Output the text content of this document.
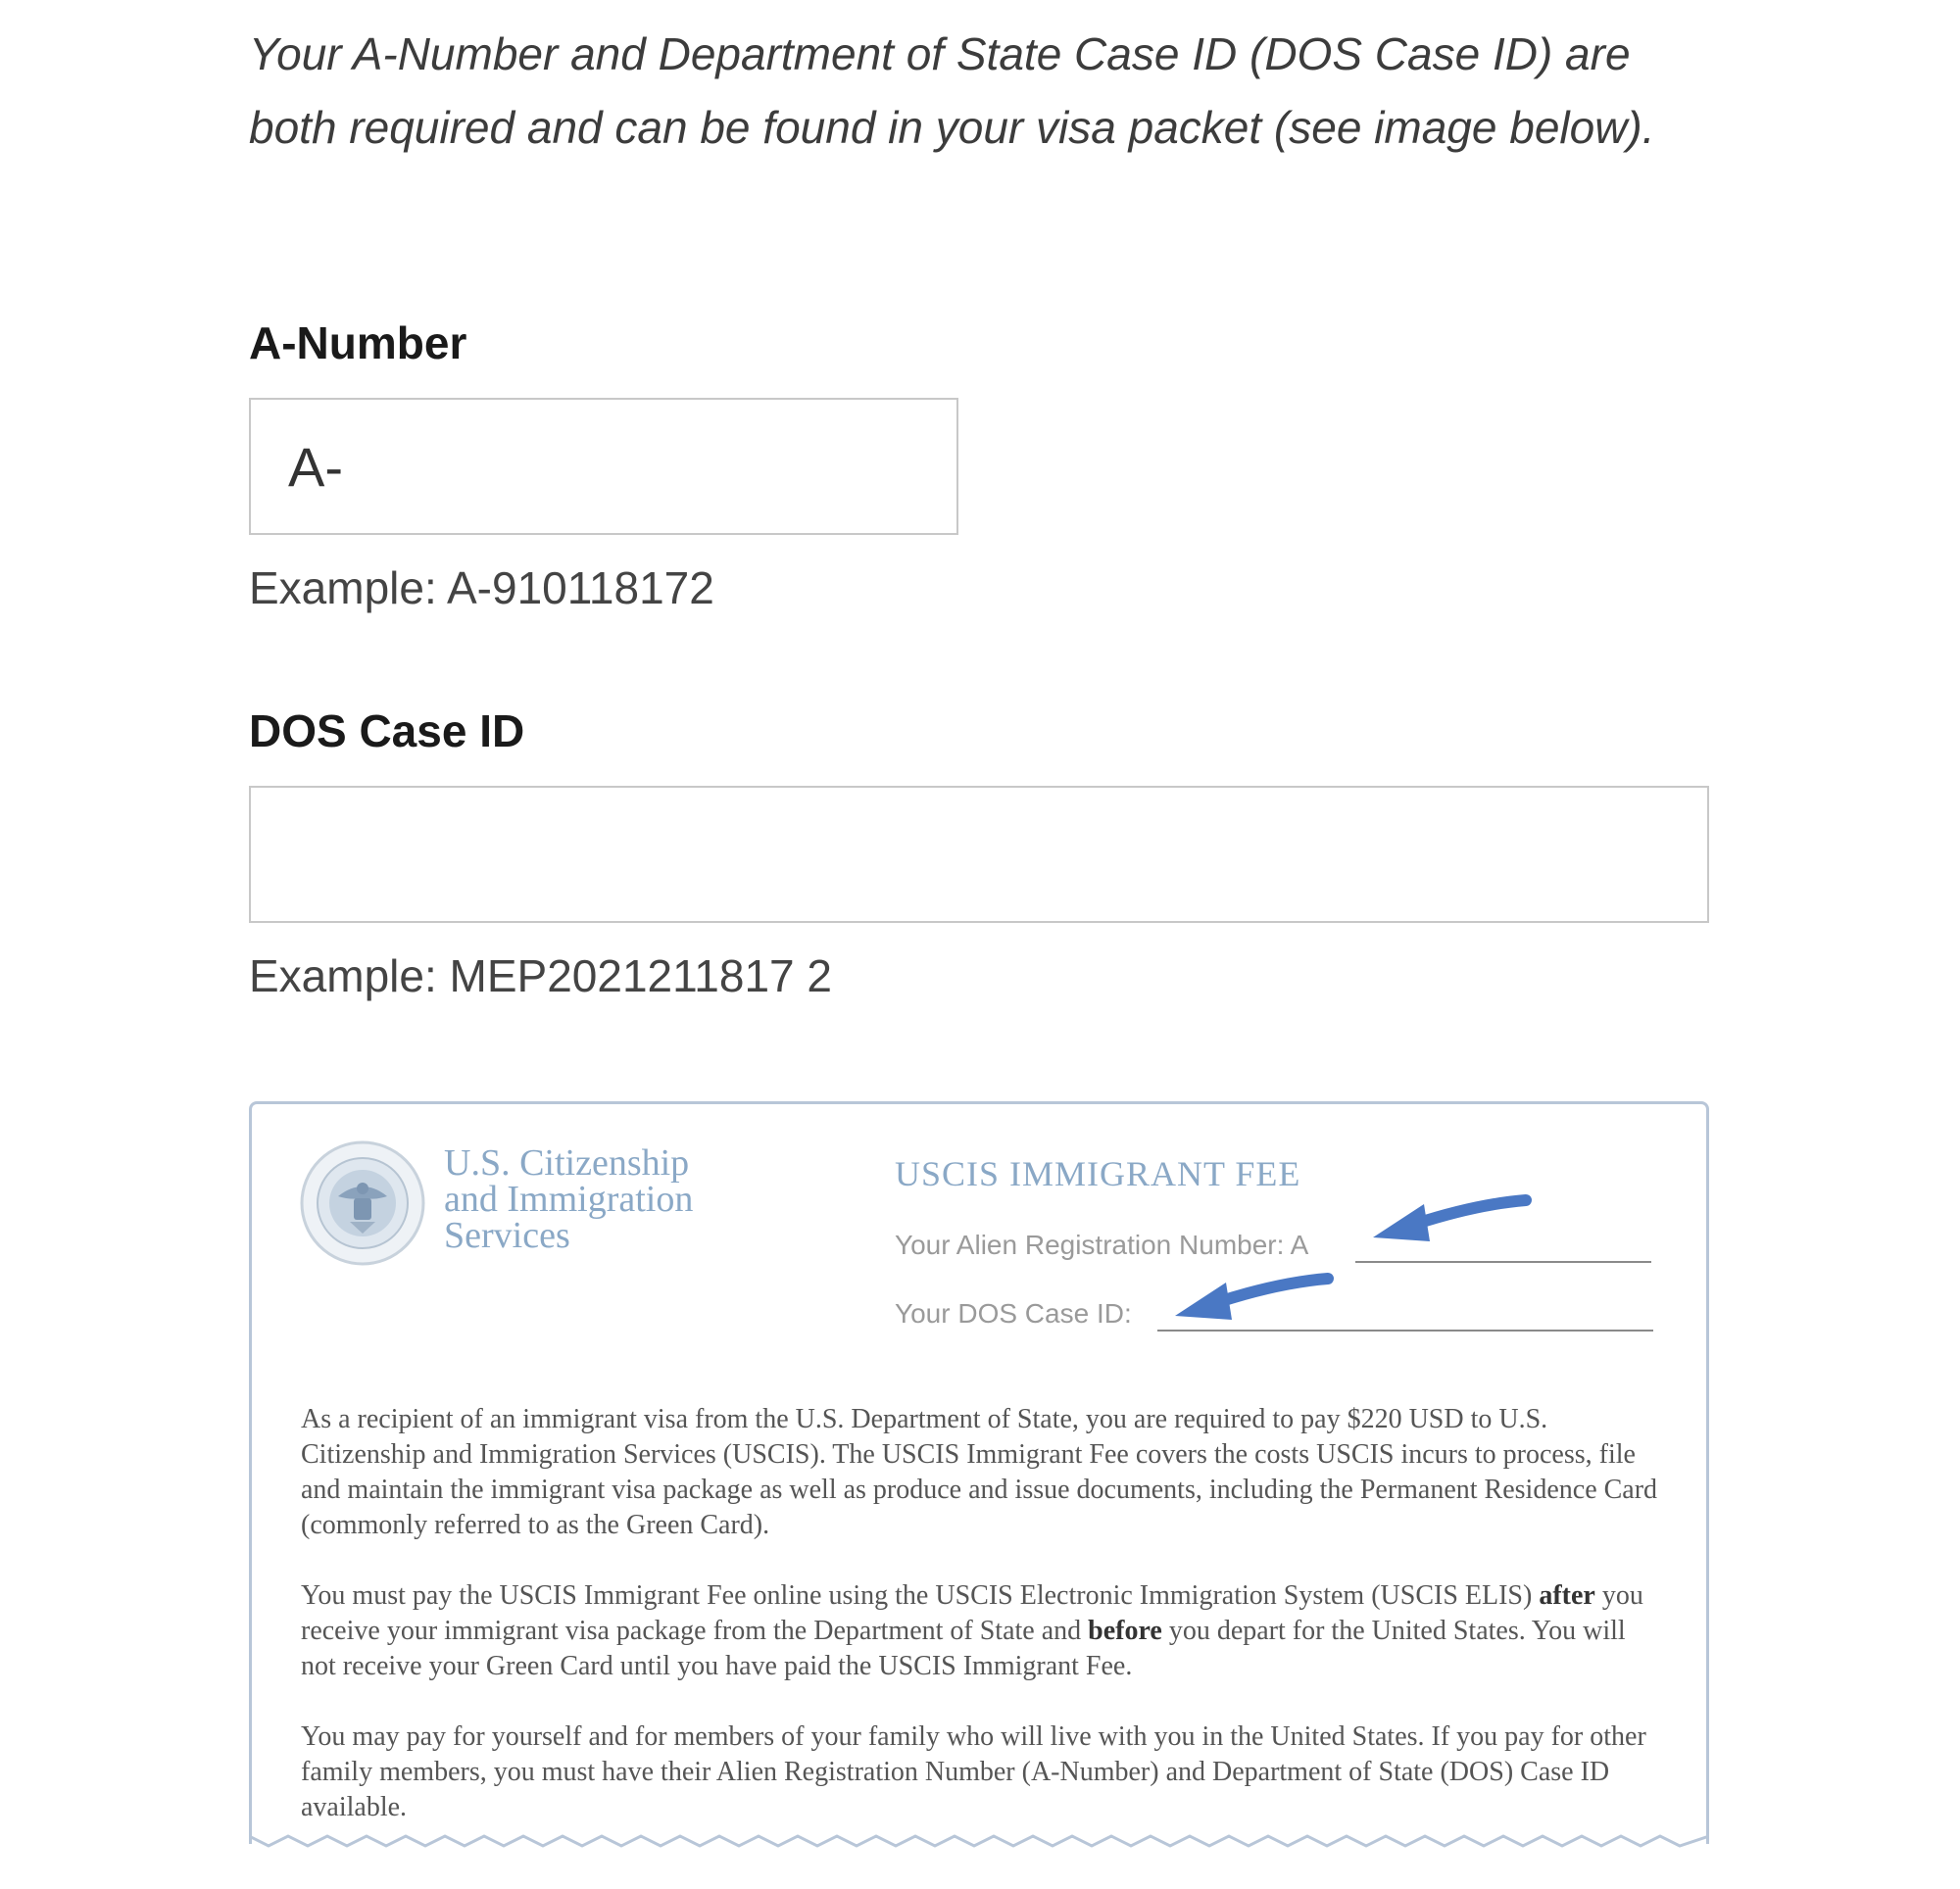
Your A-Number and Department of State Case ID (DOS Case ID) are both required and can be found in your visa packet (see image below).

A-Number
A-

Example: A-910118172

DOS Case ID

Example: MEP2021211817 2

U.S. Citizenship
and Immigration
Services

USCIS IMMIGRANT FEE

Your Alien Registration Number: A

Your DOS Case ID:

As a recipient of an immigrant visa from the U.S. Department of State, you are required to pay $220 USD to U.S. Citizenship and Immigration Services (USCIS). The USCIS Immigrant Fee covers the costs USCIS incurs to process, file and maintain the immigrant visa package as well as produce and issue documents, including the Permanent Residence Card (commonly referred to as the Green Card).

You must pay the USCIS Immigrant Fee online using the USCIS Electronic Immigration System (USCIS ELIS) after you receive your immigrant visa package from the Department of State and before you depart for the United States. You will not receive your Green Card until you have paid the USCIS Immigrant Fee.

You may pay for yourself and for members of your family who will live with you in the United States. If you pay for other family members, you must have their Alien Registration Number (A-Number) and Department of State (DOS) Case ID available.
